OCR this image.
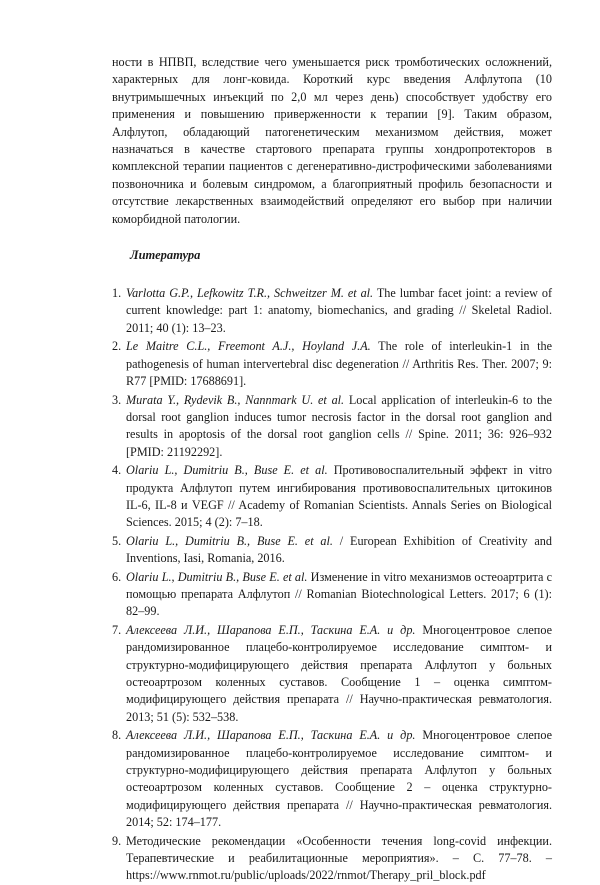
ности в НПВП, вследствие чего уменьшается риск тромботических осложнений, характерных для лонг-ковида. Короткий курс введения Алфлутопа (10 внутримышечных инъекций по 2,0 мл через день) способствует удобству его применения и повышению приверженности к терапии [9]. Таким образом, Алфлутоп, обладающий патогенетическим механизмом действия, может назначаться в качестве стартового препарата группы хондропротекторов в комплексной терапии пациентов с дегенеративно-дистрофическими заболеваниями позвоночника и болевым синдромом, а благоприятный профиль безопасности и отсутствие лекарственных взаимодействий определяют его выбор при наличии коморбидной патологии.

Литература
1. Varlotta G.P., Lefkowitz T.R., Schweitzer M. et al. The lumbar facet joint: a review of current knowledge: part 1: anatomy, biomechanics, and grading // Skeletal Radiol. 2011; 40 (1): 13–23.
2. Le Maitre C.L., Freemont A.J., Hoyland J.A. The role of interleukin-1 in the pathogenesis of human intervertebral disc degeneration // Arthritis Res. Ther. 2007; 9: R77 [PMID: 17688691].
3. Murata Y., Rydevik B., Nannmark U. et al. Local application of interleukin-6 to the dorsal root ganglion induces tumor necrosis factor in the dorsal root ganglion and results in apoptosis of the dorsal root ganglion cells // Spine. 2011; 36: 926–932 [PMID: 21192292].
4. Olariu L., Dumitriu B., Buse E. et al. Противовоспалительный эффект in vitro продукта Алфлутоп путем ингибирования противовоспалительных цитокинов IL-6, IL-8 и VEGF // Academy of Romanian Scientists. Annals Series on Biological Sciences. 2015; 4 (2): 7–18.
5. Olariu L., Dumitriu B., Buse E. et al. / European Exhibition of Creativity and Inventions, Iasi, Romania, 2016.
6. Olariu L., Dumitriu B., Buse E. et al. Изменение in vitro механизмов остеоартрита с помощью препарата Алфлутоп // Romanian Biotechnological Letters. 2017; 6 (1): 82–99.
7. Алексеева Л.И., Шарапова Е.П., Таскина Е.А. и др. Многоцентровое слепое рандомизированное плацебо-контролируемое исследование симптом- и структурно-модифицирующего действия препарата Алфлутоп у больных остеоартрозом коленных суставов. Сообщение 1 – оценка симптом-модифицирующего действия препарата // Научно-практическая ревматология. 2013; 51 (5): 532–538.
8. Алексеева Л.И., Шарапова Е.П., Таскина Е.А. и др. Многоцентровое слепое рандомизированное плацебо-контролируемое исследование симптом- и структурно-модифицирующего действия препарата Алфлутоп у больных остеоартрозом коленных суставов. Сообщение 2 – оценка структурно-модифицирующего действия препарата // Научно-практическая ревматология. 2014; 52: 174–177.
9. Методические рекомендации «Особенности течения long-covid инфекции. Терапевтические и реабилитационные мероприятия». – С. 77–78. – https://www.rnmot.ru/public/uploads/2022/rnmot/Therapy_pril_block.pdf
